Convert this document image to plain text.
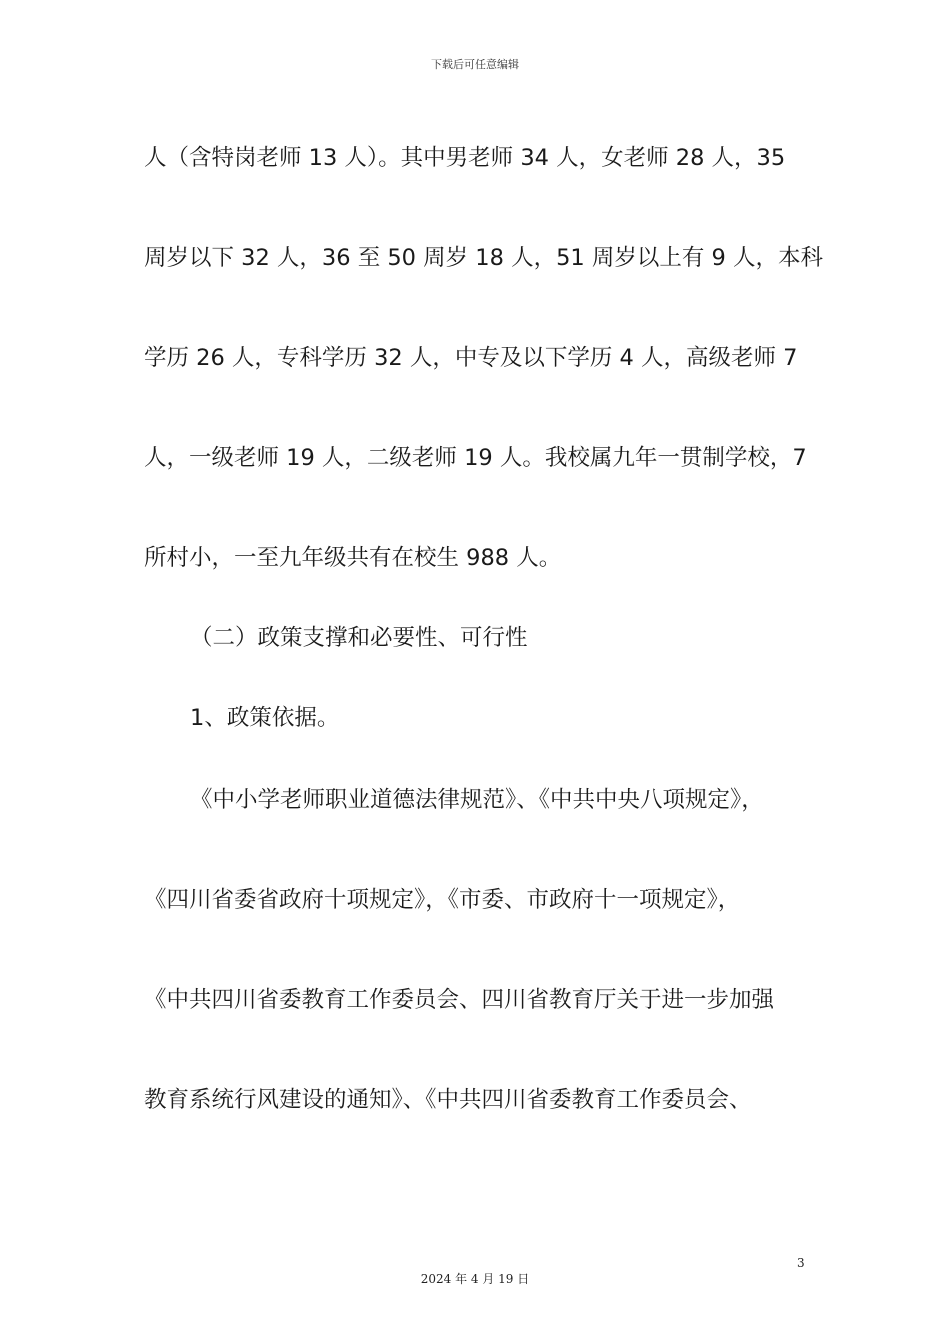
下载后可任意编辑
人（含特岗老师 13 人）。其中男老师 34 人，女老师 28 人，35
周岁以下 32 人，36 至 50 周岁 18 人，51 周岁以上有 9 人，本科
学历 26 人，专科学历 32 人，中专及以下学历 4 人，高级老师 7
人，一级老师 19 人，二级老师 19 人。我校属九年一贯制学校，7
所村小，一至九年级共有在校生 988 人。
（二）政策支撑和必要性、可行性
1、政策依据。
《中小学老师职业道德法律规范》、《中共中央八项规定》，
《四川省委省政府十项规定》，《市委、市政府十一项规定》，
《中共四川省委教育工作委员会、四川省教育厅关于进一步加强
教育系统行风建设的通知》、《中共四川省委教育工作委员会、
3
2024 年 4 月 19 日
